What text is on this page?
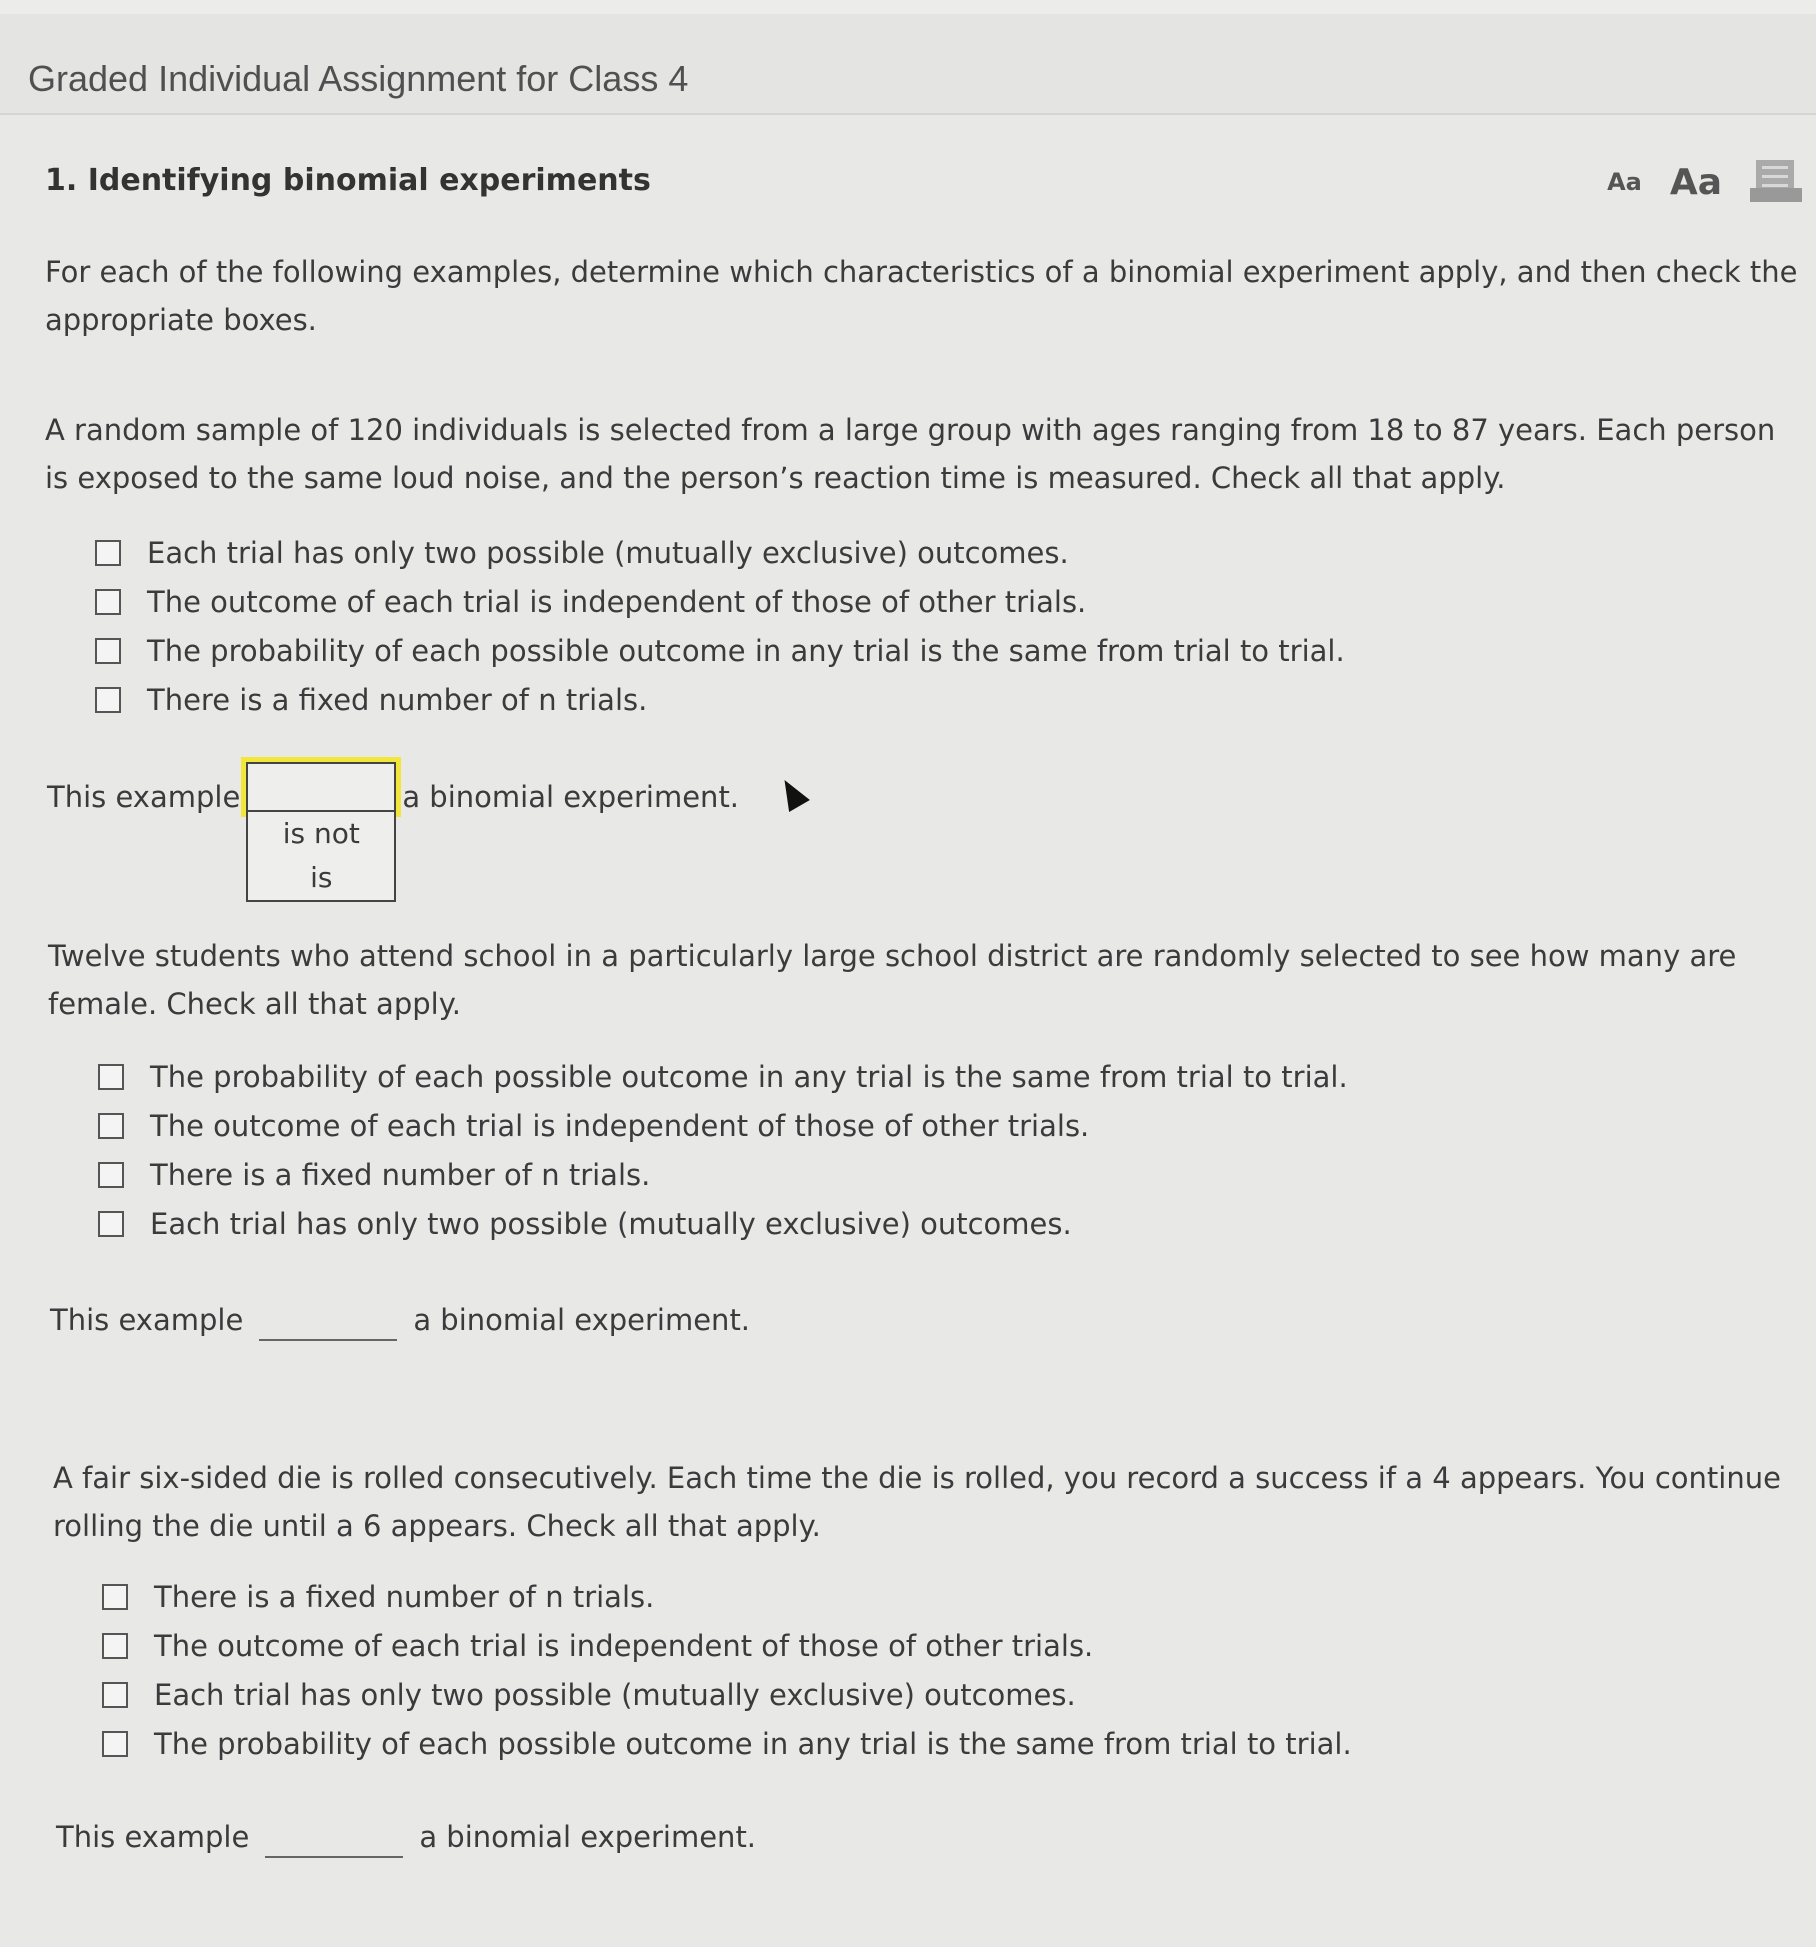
Graded Individual Assignment for Class 4
1. Identifying binomial experiments	Aa Aa
For each of the following examples, determine which characteristics of a binomial experiment apply, and then check the appropriate boxes.
A random sample of 120 individuals is selected from a large group with ages ranging from 18 to 87 years. Each person is exposed to the same loud noise, and the person’s reaction time is measured. Check all that apply.
Each trial has only two possible (mutually exclusive) outcomes.
The outcome of each trial is independent of those of other trials.
The probability of each possible outcome in any trial is the same from trial to trial.
There is a fixed number of n trials.
This example
is not
is
a binomial experiment.
Twelve students who attend school in a particularly large school district are randomly selected to see how many are female. Check all that apply.
The probability of each possible outcome in any trial is the same from trial to trial.
The outcome of each trial is independent of those of other trials.
There is a fixed number of n trials.
Each trial has only two possible (mutually exclusive) outcomes.
This example	a binomial experiment.
A fair six-sided die is rolled consecutively. Each time the die is rolled, you record a success if a 4 appears. You continue rolling the die until a 6 appears. Check all that apply.
There is a fixed number of n trials.
The outcome of each trial is independent of those of other trials.
Each trial has only two possible (mutually exclusive) outcomes.
The probability of each possible outcome in any trial is the same from trial to trial.
This example	a binomial experiment.
